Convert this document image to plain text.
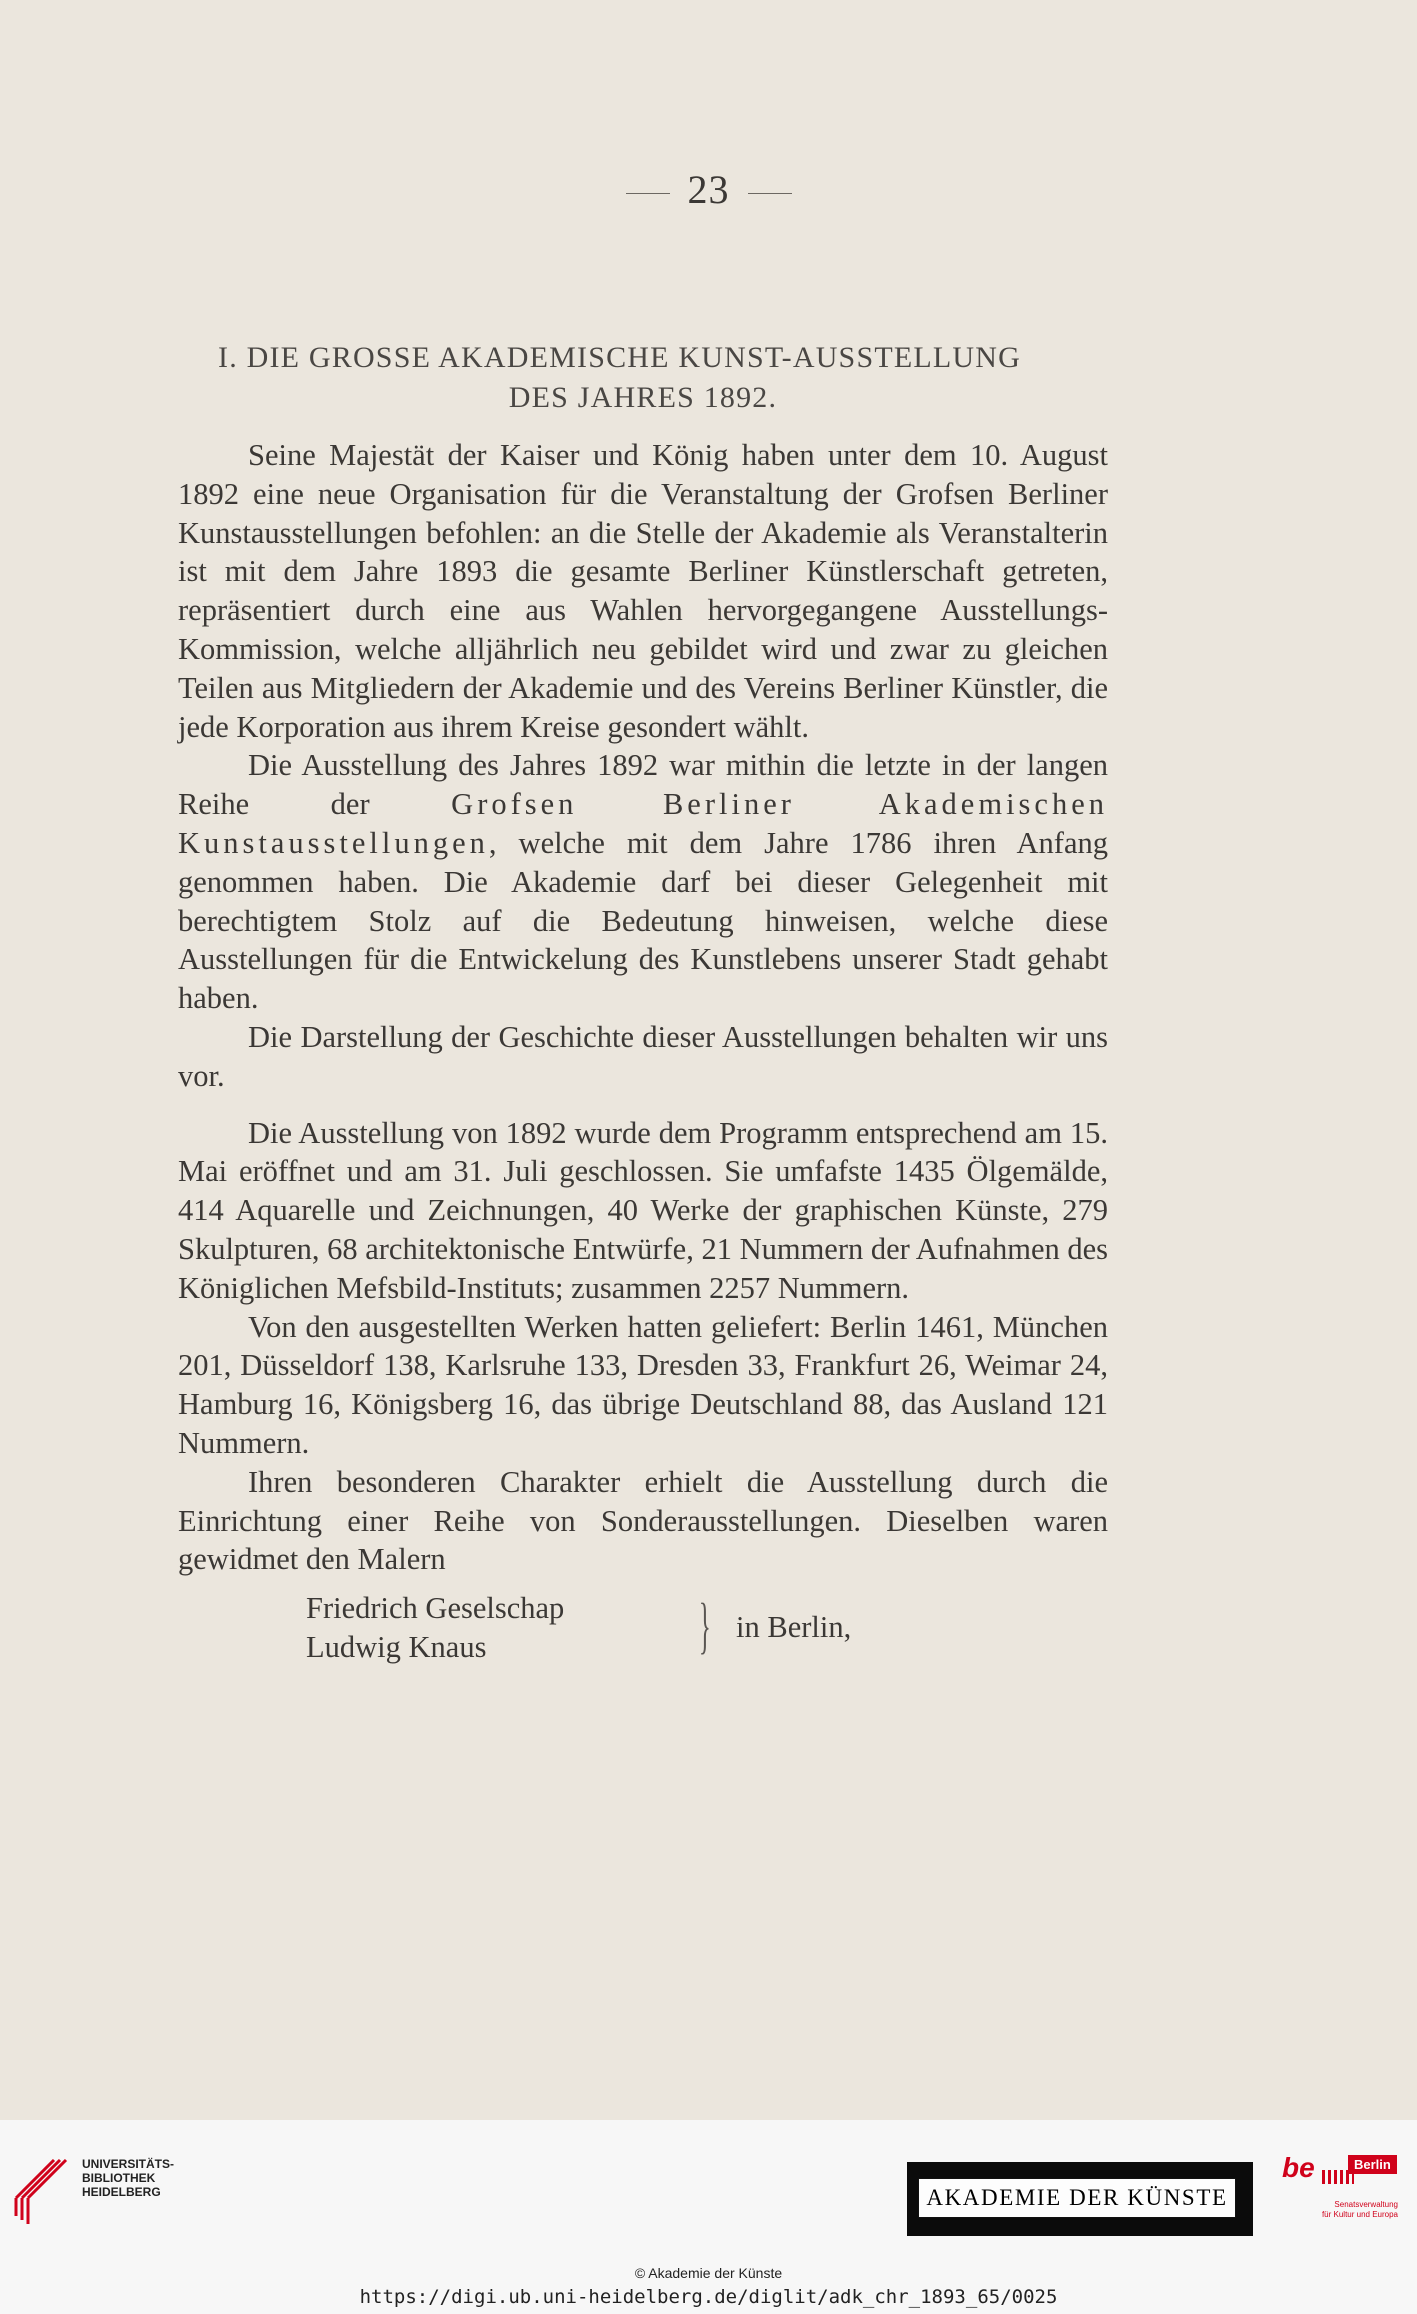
23
I. DIE GROSSE AKADEMISCHE KUNST-AUSSTELLUNG
DES JAHRES 1892.

Seine Majestät der Kaiser und König haben unter dem 10. August 1892 eine neue Organisation für die Veranstaltung der Grofsen Berliner Kunstausstellungen befohlen: an die Stelle der Akademie als Veranstalterin ist mit dem Jahre 1893 die gesamte Berliner Künstlerschaft getreten, repräsentiert durch eine aus Wahlen hervorgegangene Ausstellungs-Kommission, welche alljährlich neu gebildet wird und zwar zu gleichen Teilen aus Mitgliedern der Akademie und des Vereins Berliner Künstler, die jede Korporation aus ihrem Kreise gesondert wählt.

Die Ausstellung des Jahres 1892 war mithin die letzte in der langen Reihe der Grofsen Berliner Akademischen Kunstausstellungen, welche mit dem Jahre 1786 ihren Anfang genommen haben. Die Akademie darf bei dieser Gelegenheit mit berechtigtem Stolz auf die Bedeutung hinweisen, welche diese Ausstellungen für die Entwickelung des Kunstlebens unserer Stadt gehabt haben.

Die Darstellung der Geschichte dieser Ausstellungen behalten wir uns vor.

Die Ausstellung von 1892 wurde dem Programm entsprechend am 15. Mai eröffnet und am 31. Juli geschlossen. Sie umfafste 1435 Ölgemälde, 414 Aquarelle und Zeichnungen, 40 Werke der graphischen Künste, 279 Skulpturen, 68 architektonische Entwürfe, 21 Nummern der Aufnahmen des Königlichen Mefsbild-Instituts; zusammen 2257 Nummern.

Von den ausgestellten Werken hatten geliefert: Berlin 1461, München 201, Düsseldorf 138, Karlsruhe 133, Dresden 33, Frankfurt 26, Weimar 24, Hamburg 16, Königsberg 16, das übrige Deutschland 88, das Ausland 121 Nummern.

Ihren besonderen Charakter erhielt die Ausstellung durch die Einrichtung einer Reihe von Sonderausstellungen. Dieselben waren gewidmet den Malern

Friedrich Geselschap
Ludwig Knaus	} in Berlin,
UNIVERSITÄTS-
BIBLIOTHEK
HEIDELBERG	AKADEMIE DER KÜNSTE
be	Berlin
Senatsverwaltung
für Kultur und Europa
© Akademie der Künste
https://digi.ub.uni-heidelberg.de/diglit/adk_chr_1893_65/0025
